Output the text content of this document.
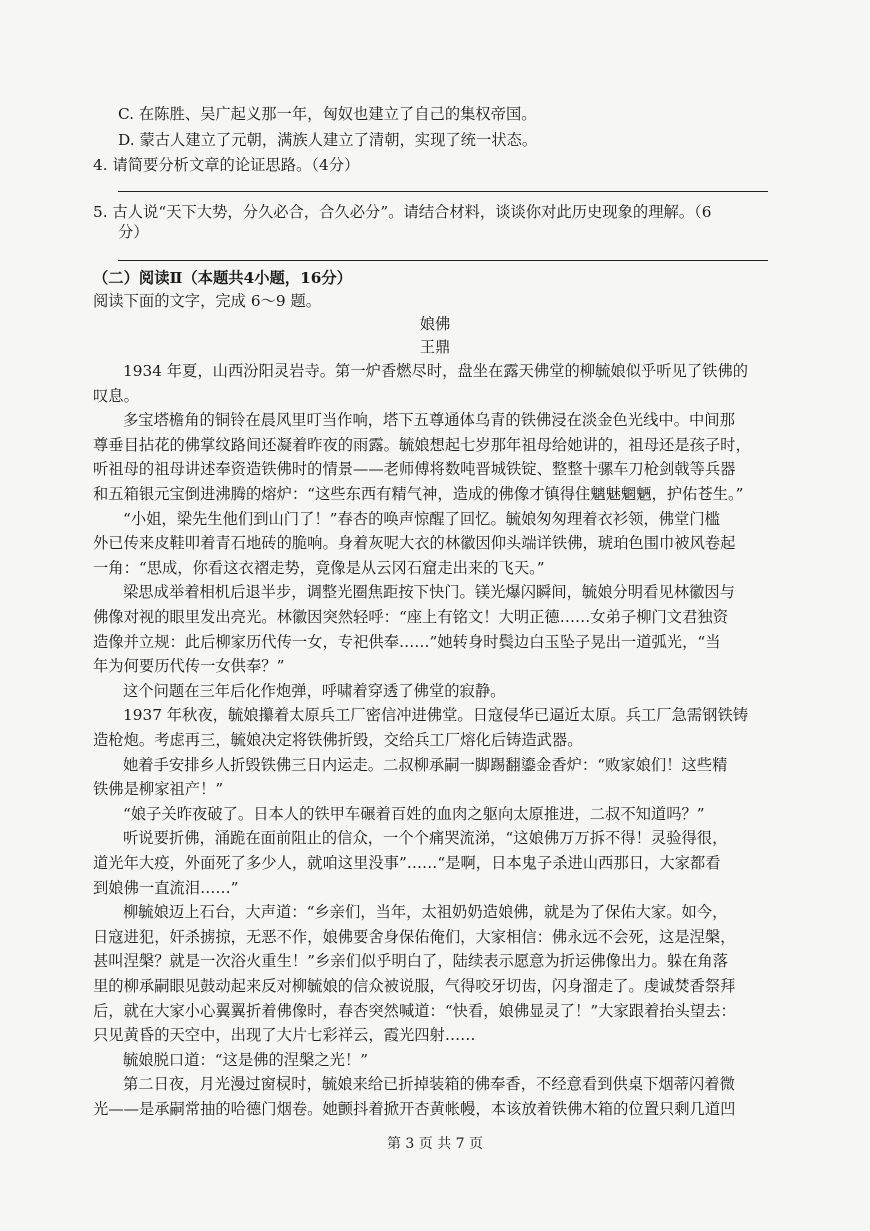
C. 在陈胜、吴广起义那一年，匈奴也建立了自己的集权帝国。
D. 蒙古人建立了元朝，满族人建立了清朝，实现了统一状态。
4. 请简要分析文章的论证思路。（4分）
5. 古人说“天下大势，分久必合，合久必分”。请结合材料，谈谈你对此历史现象的理解。（6
分）
（二）阅读Ⅱ（本题共4小题，16分）
阅读下面的文字，完成 6～9 题。
娘佛
王鼎
1934 年夏，山西汾阳灵岩寺。第一炉香燃尽时，盘坐在露天佛堂的柳毓娘似乎听见了铁佛的
叹息。
多宝塔檐角的铜铃在晨风里叮当作响，塔下五尊通体乌青的铁佛浸在淡金色光线中。中间那
尊垂目拈花的佛掌纹路间还凝着昨夜的雨露。毓娘想起七岁那年祖母给她讲的，祖母还是孩子时，
听祖母的祖母讲述奉资造铁佛时的情景——老师傅将数吨晋城铁锭、整整十骡车刀枪剑戟等兵器
和五箱银元宝倒进沸腾的熔炉：“这些东西有精气神，造成的佛像才镇得住魑魅魍魉，护佑苍生。”
“小姐，梁先生他们到山门了！”春杏的唤声惊醒了回忆。毓娘匆匆理着衣衫领，佛堂门槛
外已传来皮鞋叩着青石地砖的脆响。身着灰呢大衣的林徽因仰头端详铁佛，琥珀色围巾被风卷起
一角：“思成，你看这衣褶走势，竟像是从云冈石窟走出来的飞天。”
梁思成举着相机后退半步，调整光圈焦距按下快门。镁光爆闪瞬间，毓娘分明看见林徽因与
佛像对视的眼里发出亮光。林徽因突然轻呼：“座上有铭文！大明正德……女弟子柳门文君独资
造像并立规：此后柳家历代传一女，专祀供奉……”她转身时鬓边白玉坠子晃出一道弧光，“当
年为何要历代传一女供奉？”
这个问题在三年后化作炮弹，呼啸着穿透了佛堂的寂静。
1937 年秋夜，毓娘攥着太原兵工厂密信冲进佛堂。日寇侵华已逼近太原。兵工厂急需钢铁铸
造枪炮。考虑再三，毓娘决定将铁佛折毁，交给兵工厂熔化后铸造武器。
她着手安排乡人折毁铁佛三日内运走。二叔柳承嗣一脚踢翻鎏金香炉：“败家娘们！这些精
铁佛是柳家祖产！”
“娘子关昨夜破了。日本人的铁甲车碾着百姓的血肉之躯向太原推进，二叔不知道吗？”
听说要折佛，涌跪在面前阻止的信众，一个个痛哭流涕，“这娘佛万万拆不得！灵验得很，
道光年大疫，外面死了多少人，就咱这里没事”……“是啊，日本鬼子杀进山西那日，大家都看
到娘佛一直流泪……”
柳毓娘迈上石台，大声道：“乡亲们，当年，太祖奶奶造娘佛，就是为了保佑大家。如今，
日寇进犯，奸杀掳掠，无恶不作，娘佛要舍身保佑俺们，大家相信：佛永远不会死，这是涅槃，
甚叫涅槃？就是一次浴火重生！”乡亲们似乎明白了，陆续表示愿意为折运佛像出力。躲在角落
里的柳承嗣眼见鼓动起来反对柳毓娘的信众被说服，气得咬牙切齿，闪身溜走了。虔诚焚香祭拜
后，就在大家小心翼翼折着佛像时，春杏突然喊道：“快看，娘佛显灵了！”大家跟着抬头望去：
只见黄昏的天空中，出现了大片七彩祥云，霞光四射……
毓娘脱口道：“这是佛的涅槃之光！”
第二日夜，月光漫过窗棂时，毓娘来给已折掉装箱的佛奉香，不经意看到供桌下烟蒂闪着微
光——是承嗣常抽的哈德门烟卷。她颤抖着掀开杏黄帐幔，本该放着铁佛木箱的位置只剩几道凹
第 3 页 共 7 页
